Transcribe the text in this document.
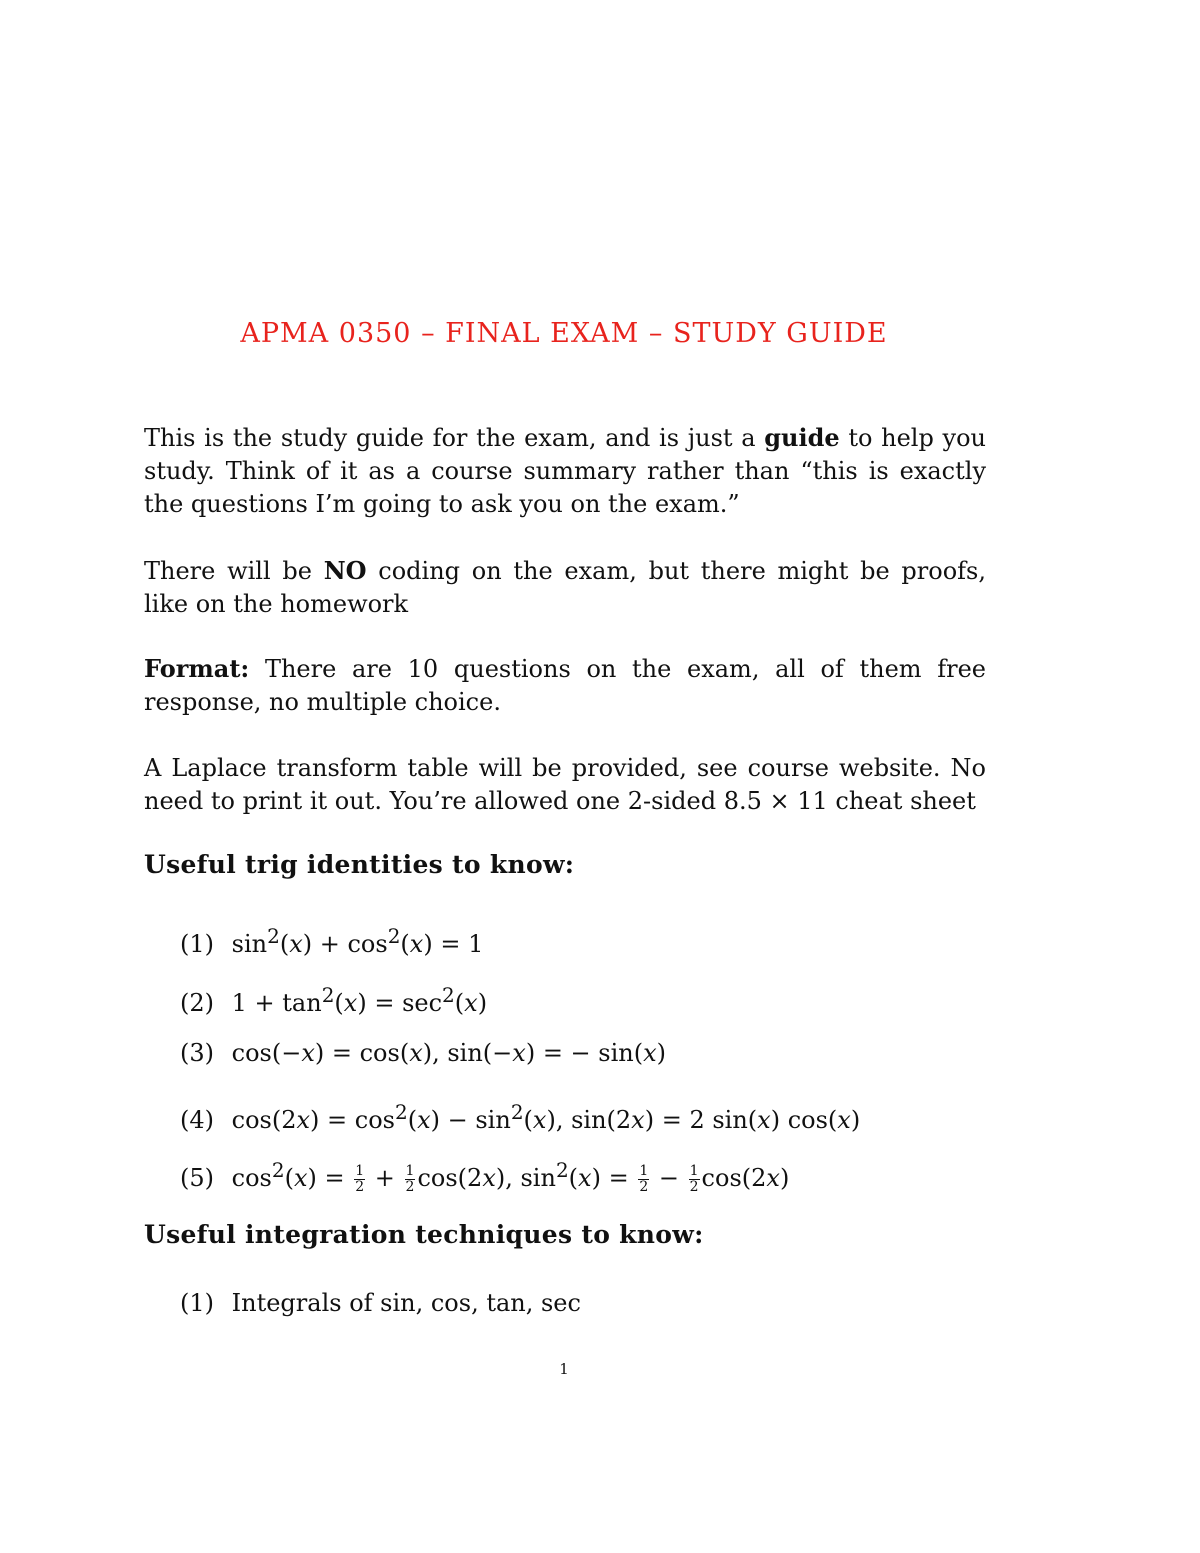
APMA 0350 – FINAL EXAM – STUDY GUIDE

This is the study guide for the exam, and is just a guide to help you study. Think of it as a course summary rather than “this is exactly the questions I’m going to ask you on the exam.”

There will be NO coding on the exam, but there might be proofs, like on the homework

Format: There are 10 questions on the exam, all of them free response, no multiple choice.

A Laplace transform table will be provided, see course website. No need to print it out. You’re allowed one 2-sided 8.5 × 11 cheat sheet

Useful trig identities to know:
(1) $\sin^2(x) + \cos^2(x) = 1$
(2) $1 + \tan^2(x) = \sec^2(x)$
(3) cos(−x) = cos(x), sin(−x) = − sin(x)
(4) $\cos(2x) = \cos^2(x) - \sin^2(x)$, sin(2x) = 2 sin(x) cos(x)
(5) $\cos^2(x) = \frac{1}{2} + \frac{1}{2} \cos(2x)$, $\sin^2(x) = \frac{1}{2} - \frac{1}{2} \cos(2x)$
Useful integration techniques to know:
(1) Integrals of sin, cos, tan, sec
1
